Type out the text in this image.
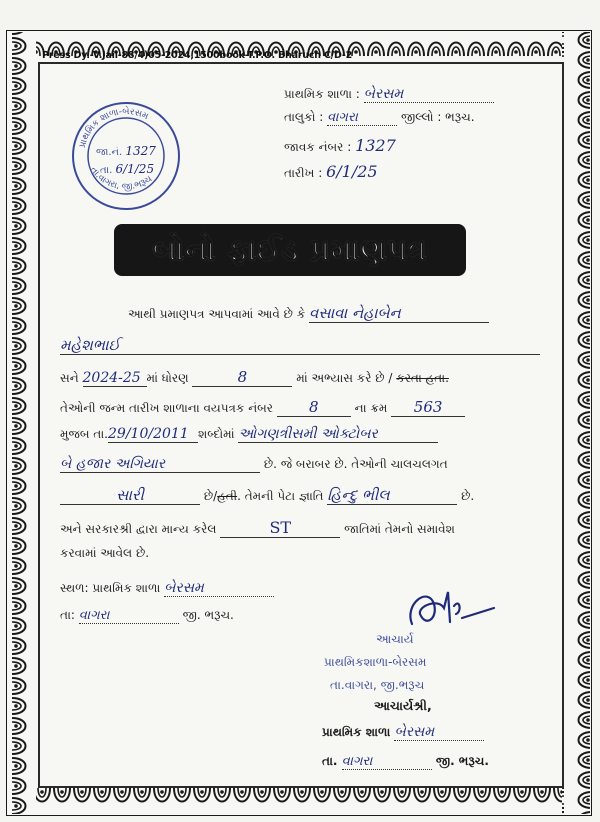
Press Dy.-V.Jail-88/4)05-2024,1500book-T.P.O. Bharuch C/D-2
પ્રાથમિક શાળા-બેરસમ
તા.વાગરા, જી.ભરૂચ
જા.નં. 1327
તા. 6/1/25
પ્રાથમિક શાળા : બેરસમ
તાલુકો : વાગરા	જીલ્લો : ભરૂચ.
જાવક નંબર : 1327
તારીખ : 6/1/25
બોનો ફાઈડ પ્રમાણપત્ર
આથી પ્રમાણપત્ર આપવામાં આવે છે કે વસાવા નેહાબેન
મહેશભાઈ
સને 2024-25 માં ધોરણ	8	માં અભ્યાસ કરે છે / કરતા હતા.
તેઓની જન્મ તારીખ શાળાના વયપત્રક નંબર 8	ના ક્રમ 563
મુજબ તા.29/10/2011 શબ્દોમાં ઓગણત્રીસમી ઓક્ટોબર
બે હજાર અગિયાર	છે. જે બરાબર છે. તેઓની ચાલચલગત
સારી	છે/હતી. તેમની પેટા જ્ઞાતિ હિન્દુ ભીલ	છે.
અને સરકારશ્રી દ્વારા માન્ય કરેલ	ST	જાતિમાં તેમનો સમાવેશ
કરવામાં આવેલ છે.
સ્થળ: પ્રાથમિક શાળા બેરસમ
તા: વાગરા	જી. ભરૂચ.
આચાર્ય
પ્રાથમિકશાળા-બેરસમ
તા.વાગરા, જી.ભરૂચ
આચાર્યશ્રી,
પ્રાથમિક શાળા બેરસમ
તા. વાગરા	જી. ભરૂચ.
